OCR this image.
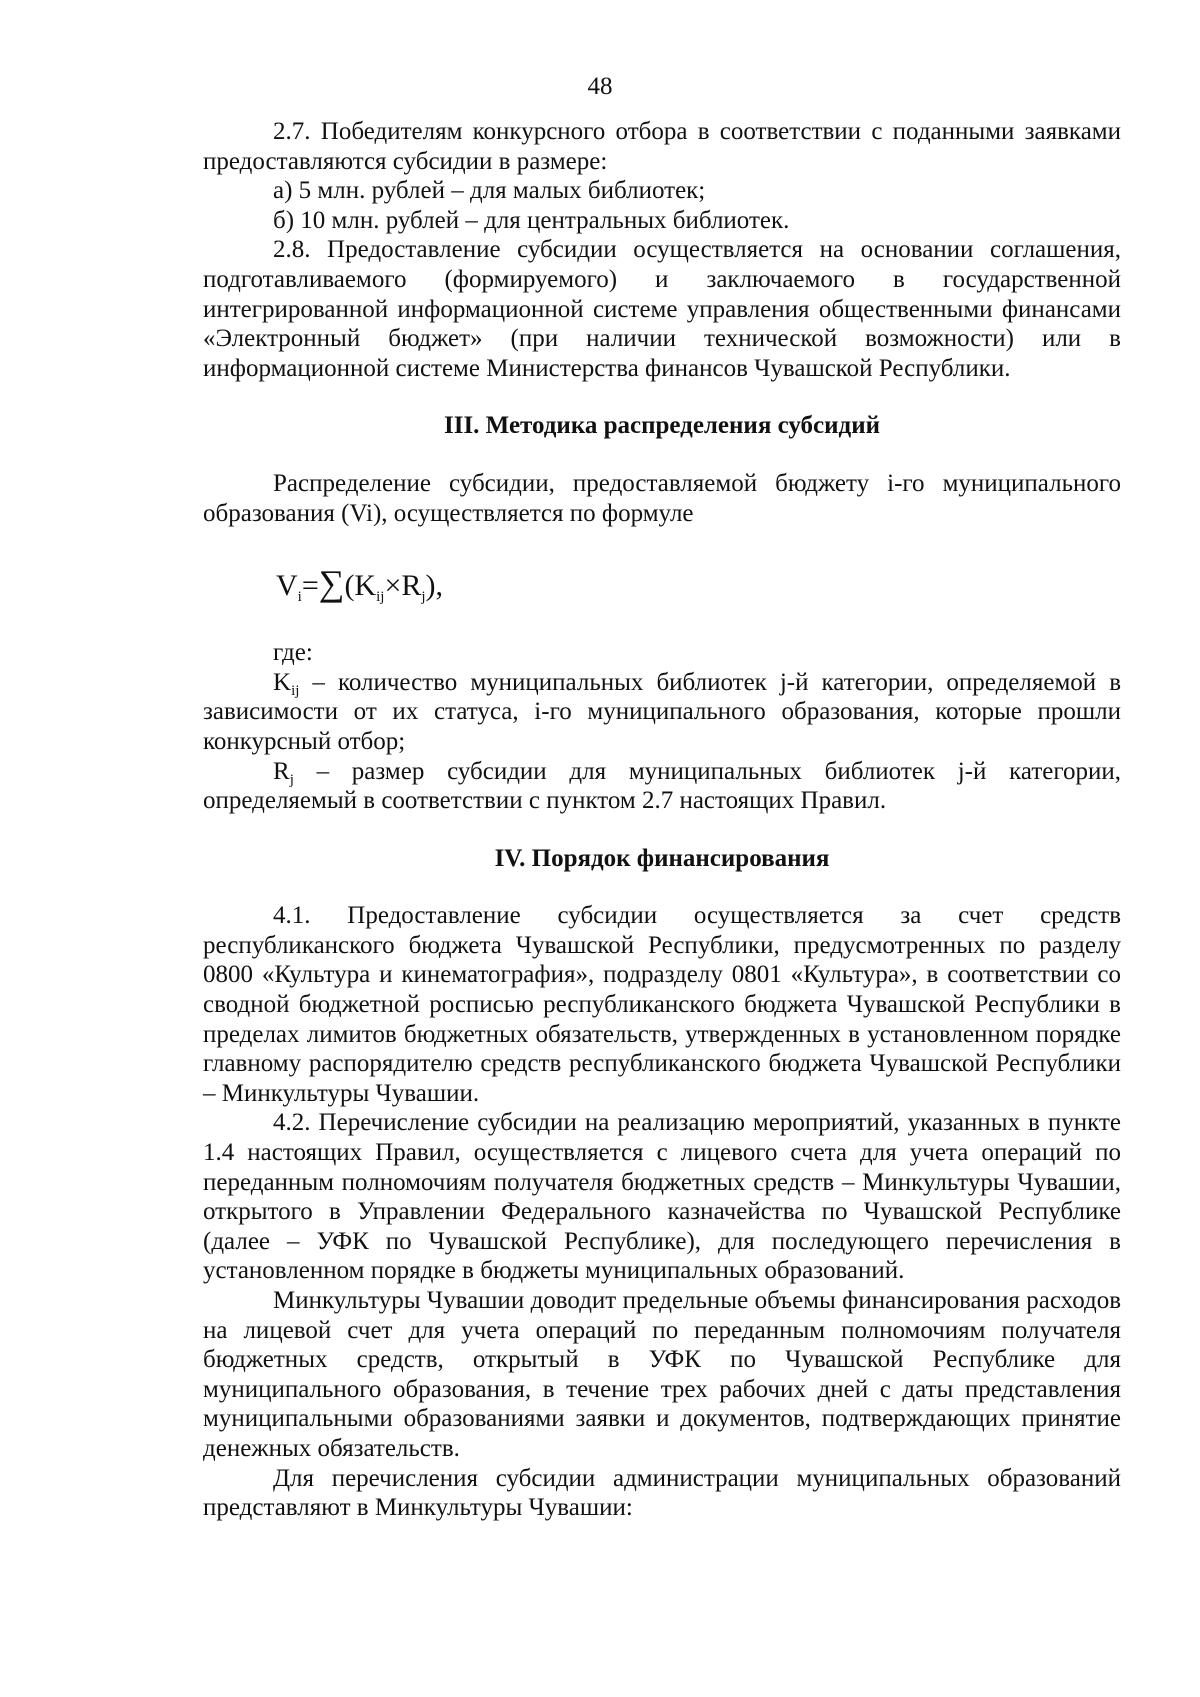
48

2.7. Победителям конкурсного отбора в соответствии с поданными заявками предоставляются субсидии в размере:

а) 5 млн. рублей – для малых библиотек;

б) 10 млн. рублей – для центральных библиотек.

2.8. Предоставление субсидии осуществляется на основании соглашения, подготавливаемого (формируемого) и заключаемого в государственной интегрированной информационной системе управления общественными финансами «Электронный бюджет» (при наличии технической возможности) или в информационной системе Министерства финансов Чувашской Республики.

III. Методика распределения субсидий

Распределение субсидии, предоставляемой бюджету i-го муниципального образования (Vi), осуществляется по формуле

$V_i=\sum(K_{ij}\times R_j)$,

где:

$K_{ij}$ – количество муниципальных библиотек j-й категории, определяемой в зависимости от их статуса, i-го муниципального образования, которые прошли конкурсный отбор;

$R_j$ – размер субсидии для муниципальных библиотек j-й категории, определяемый в соответствии с пунктом 2.7 настоящих Правил.

IV. Порядок финансирования

4.1. Предоставление субсидии осуществляется за счет средств республиканского бюджета Чувашской Республики, предусмотренных по разделу 0800 «Культура и кинематография», подразделу 0801 «Культура», в соответствии со сводной бюджетной росписью республиканского бюджета Чувашской Республики в пределах лимитов бюджетных обязательств, утвержденных в установленном порядке главному распорядителю средств республиканского бюджета Чувашской Республики – Минкультуры Чувашии.

4.2. Перечисление субсидии на реализацию мероприятий, указанных в пункте 1.4 настоящих Правил, осуществляется с лицевого счета для учета операций по переданным полномочиям получателя бюджетных средств – Минкультуры Чувашии, открытого в Управлении Федерального казначейства по Чувашской Республике (далее – УФК по Чувашской Республике), для последующего перечисления в установленном порядке в бюджеты муниципальных образований.

Минкультуры Чувашии доводит предельные объемы финансирования расходов на лицевой счет для учета операций по переданным полномочиям получателя бюджетных средств, открытый в УФК по Чувашской Республике для муниципального образования, в течение трех рабочих дней с даты представления муниципальными образованиями заявки и документов, подтверждающих принятие денежных обязательств.

Для перечисления субсидии администрации муниципальных образований представляют в Минкультуры Чувашии:
